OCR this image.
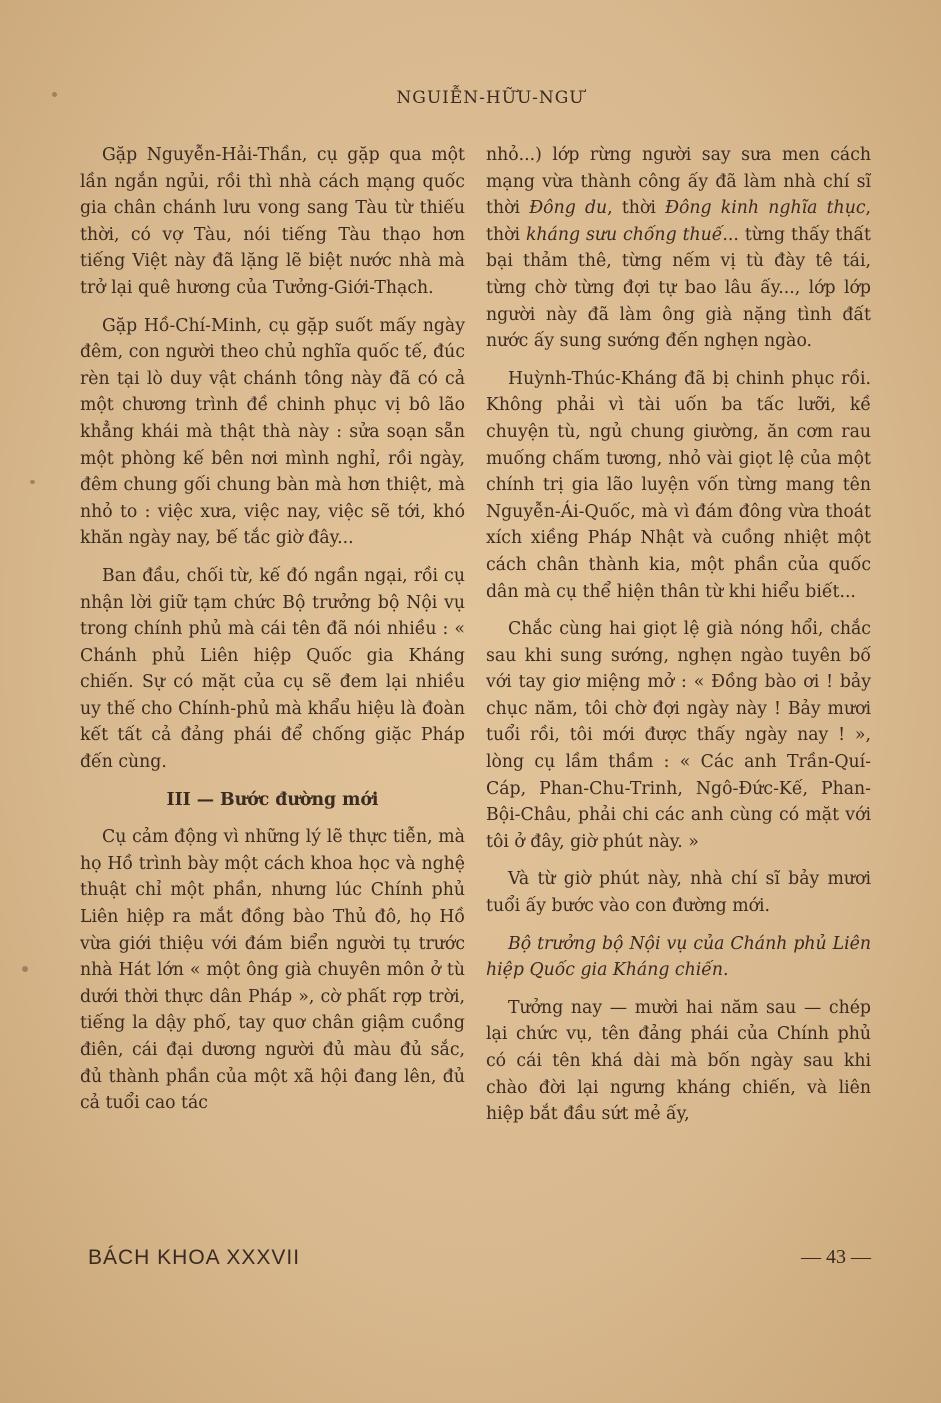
NGUIỄN-HỮU-NGƯ

Gặp Nguyễn-Hải-Thần, cụ gặp qua một lần ngắn ngủi, rồi thì nhà cách mạng quốc gia chân chánh lưu vong sang Tàu từ thiếu thời, có vợ Tàu, nói tiếng Tàu thạo hơn tiếng Việt này đã lặng lẽ biệt nước nhà mà trở lại quê hương của Tưởng-Giới-Thạch.

Gặp Hồ-Chí-Minh, cụ gặp suốt mấy ngày đêm, con người theo chủ nghĩa quốc tế, đúc rèn tại lò duy vật chánh tông này đã có cả một chương trình đề chinh phục vị bô lão khẳng khái mà thật thà này : sửa soạn sẵn một phòng kế bên nơi mình nghỉ, rồi ngày, đêm chung gối chung bàn mà hơn thiệt, mà nhỏ to : việc xưa, việc nay, việc sẽ tới, khó khăn ngày nay, bế tắc giờ đây...

Ban đầu, chối từ, kế đó ngần ngại, rồi cụ nhận lời giữ tạm chức Bộ trưởng bộ Nội vụ trong chính phủ mà cái tên đã nói nhiều : « Chánh phủ Liên hiệp Quốc gia Kháng chiến. Sự có mặt của cụ sẽ đem lại nhiều uy thế cho Chính-phủ mà khẩu hiệu là đoàn kết tất cả đảng phái để chống giặc Pháp đến cùng.

III — Bước đường mới

Cụ cảm động vì những lý lẽ thực tiễn, mà họ Hồ trình bày một cách khoa học và nghệ thuật chỉ một phần, nhưng lúc Chính phủ Liên hiệp ra mắt đồng bào Thủ đô, họ Hồ vừa giới thiệu với đám biển người tụ trước nhà Hát lớn « một ông già chuyên môn ở tù dưới thời thực dân Pháp », cờ phất rợp trời, tiếng la dậy phố, tay quơ chân giậm cuồng điên, cái đại dương người đủ màu đủ sắc, đủ thành phần của một xã hội đang lên, đủ cả tuổi cao tác

nhỏ...) lớp rừng người say sưa men cách mạng vừa thành công ấy đã làm nhà chí sĩ thời Đông du, thời Đông kinh nghĩa thục, thời kháng sưu chống thuế... từng thấy thất bại thảm thê, từng nếm vị tù đày tê tái, từng chờ từng đợi tự bao lâu ấy..., lớp lớp người này đã làm ông già nặng tình đất nước ấy sung sướng đến nghẹn ngào.

Huỳnh-Thúc-Kháng đã bị chinh phục rồi. Không phải vì tài uốn ba tấc lưỡi, kề chuyện tù, ngủ chung giường, ăn cơm rau muống chấm tương, nhỏ vài giọt lệ của một chính trị gia lão luyện vốn từng mang tên Nguyễn-Ái-Quốc, mà vì đám đông vừa thoát xích xiềng Pháp Nhật và cuồng nhiệt một cách chân thành kia, một phần của quốc dân mà cụ thể hiện thân từ khi hiểu biết...

Chắc cùng hai giọt lệ già nóng hổi, chắc sau khi sung sướng, nghẹn ngào tuyên bố với tay giơ miệng mở : « Đồng bào ơi ! bảy chục năm, tôi chờ đợi ngày này ! Bảy mươi tuổi rồi, tôi mới được thấy ngày nay ! », lòng cụ lầm thầm : « Các anh Trần-Quí-Cáp, Phan-Chu-Trinh, Ngô-Đức-Kế, Phan-Bội-Châu, phải chi các anh cùng có mặt với tôi ở đây, giờ phút này. »

Và từ giờ phút này, nhà chí sĩ bảy mươi tuổi ấy bước vào con đường mới.

Bộ trưởng bộ Nội vụ của Chánh phủ Liên hiệp Quốc gia Kháng chiến.

Tưởng nay — mười hai năm sau — chép lại chức vụ, tên đảng phái của Chính phủ có cái tên khá dài mà bốn ngày sau khi chào đời lại ngưng kháng chiến, và liên hiệp bắt đầu sứt mẻ ấy,

BÁCH KHOA XXXVII	— 43 —
